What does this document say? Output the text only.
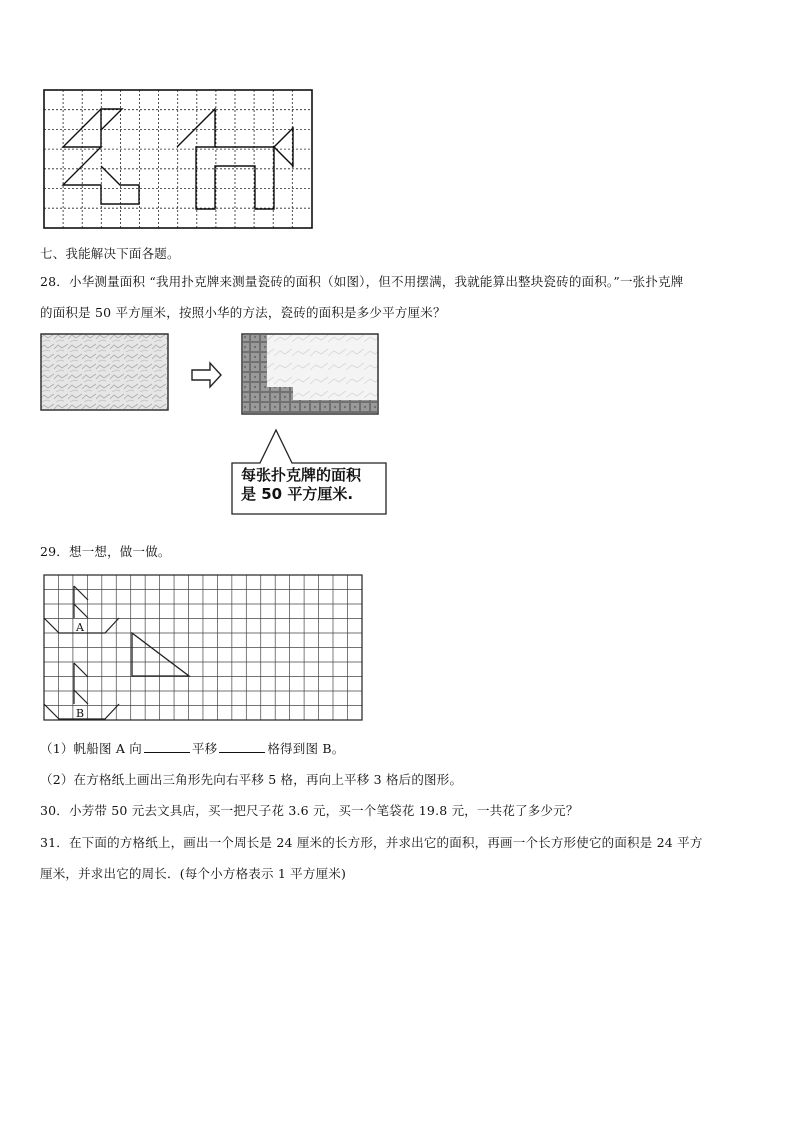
七、我能解决下面各题。
28．小华测量面积 “我用扑克牌来测量瓷砖的面积（如图），但不用摆满，我就能算出整块瓷砖的面积。”一张扑克牌
的面积是 50 平方厘米，按照小华的方法，瓷砖的面积是多少平方厘米？
每张扑克牌的面积
是 50 平方厘米.
29．想一想，做一做。
A
B
（1）帆船图 A 向	平移	格得到图 B。
（2）在方格纸上画出三角形先向右平移 5 格，再向上平移 3 格后的图形。
30．小芳带 50 元去文具店，买一把尺子花 3.6 元，买一个笔袋花 19.8 元，一共花了多少元？
31．在下面的方格纸上，画出一个周长是 24 厘米的长方形，并求出它的面积，再画一个长方形使它的面积是 24 平方
厘米，并求出它的周长．(每个小方格表示 1 平方厘米)
